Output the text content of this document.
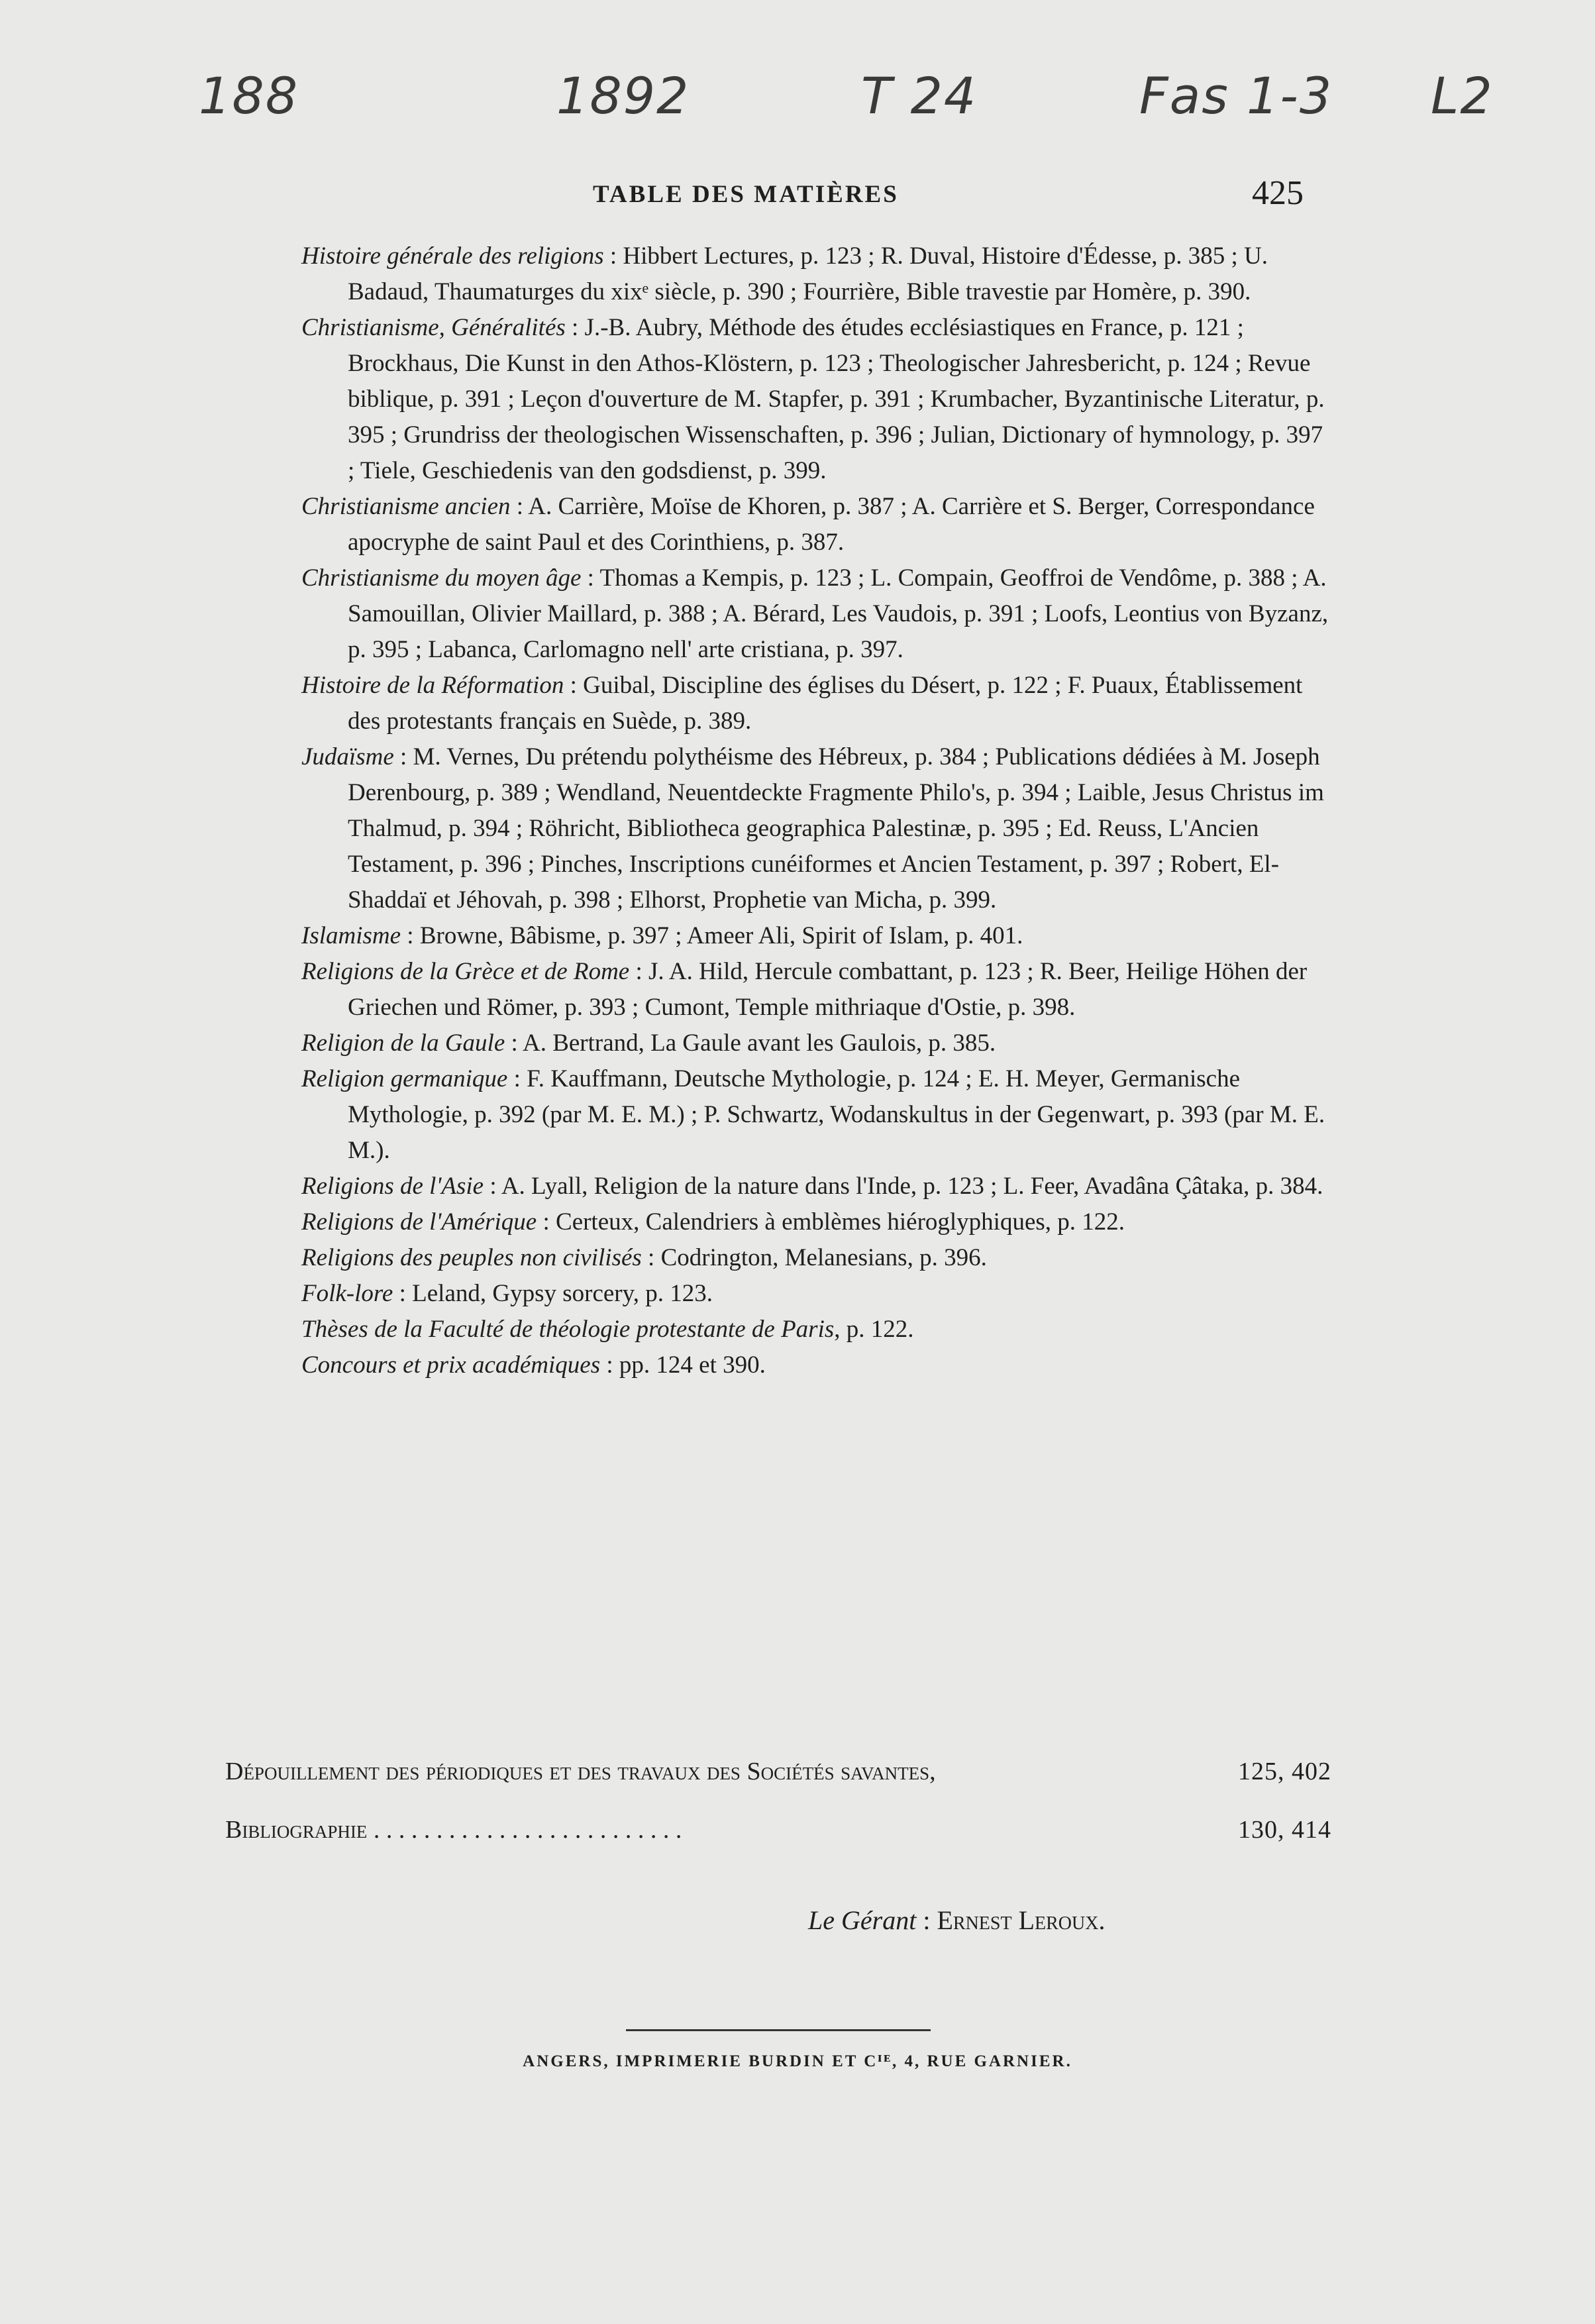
188	1892	T 24	Fas 1-3 L2
TABLE DES MATIÈRES	425

Histoire générale des religions : Hibbert Lectures, p. 123 ; R. Duval, Histoire d'Édesse, p. 385 ; U. Badaud, Thaumaturges du xixᵉ siècle, p. 390 ; Fourrière, Bible travestie par Homère, p. 390.

Christianisme, Généralités : J.-B. Aubry, Méthode des études ecclésiastiques en France, p. 121 ; Brockhaus, Die Kunst in den Athos-Klöstern, p. 123 ; Theologischer Jahresbericht, p. 124 ; Revue biblique, p. 391 ; Leçon d'ouverture de M. Stapfer, p. 391 ; Krumbacher, Byzantinische Literatur, p. 395 ; Grundriss der theologischen Wissenschaften, p. 396 ; Julian, Dictionary of hymnology, p. 397 ; Tiele, Geschiedenis van den godsdienst, p. 399.

Christianisme ancien : A. Carrière, Moïse de Khoren, p. 387 ; A. Carrière et S. Berger, Correspondance apocryphe de saint Paul et des Corinthiens, p. 387.

Christianisme du moyen âge : Thomas a Kempis, p. 123 ; L. Compain, Geoffroi de Vendôme, p. 388 ; A. Samouillan, Olivier Maillard, p. 388 ; A. Bérard, Les Vaudois, p. 391 ; Loofs, Leontius von Byzanz, p. 395 ; Labanca, Carlomagno nell' arte cristiana, p. 397.

Histoire de la Réformation : Guibal, Discipline des églises du Désert, p. 122 ; F. Puaux, Établissement des protestants français en Suède, p. 389.

Judaïsme : M. Vernes, Du prétendu polythéisme des Hébreux, p. 384 ; Publications dédiées à M. Joseph Derenbourg, p. 389 ; Wendland, Neuentdeckte Fragmente Philo's, p. 394 ; Laible, Jesus Christus im Thalmud, p. 394 ; Röhricht, Bibliotheca geographica Palestinæ, p. 395 ; Ed. Reuss, L'Ancien Testament, p. 396 ; Pinches, Inscriptions cunéiformes et Ancien Testament, p. 397 ; Robert, El-Shaddaï et Jéhovah, p. 398 ; Elhorst, Prophetie van Micha, p. 399.

Islamisme : Browne, Bâbisme, p. 397 ; Ameer Ali, Spirit of Islam, p. 401.

Religions de la Grèce et de Rome : J. A. Hild, Hercule combattant, p. 123 ; R. Beer, Heilige Höhen der Griechen und Römer, p. 393 ; Cumont, Temple mithriaque d'Ostie, p. 398.

Religion de la Gaule : A. Bertrand, La Gaule avant les Gaulois, p. 385.

Religion germanique : F. Kauffmann, Deutsche Mythologie, p. 124 ; E. H. Meyer, Germanische Mythologie, p. 392 (par M. E. M.) ; P. Schwartz, Wodanskultus in der Gegenwart, p. 393 (par M. E. M.).

Religions de l'Asie : A. Lyall, Religion de la nature dans l'Inde, p. 123 ; L. Feer, Avadâna Çâtaka, p. 384.

Religions de l'Amérique : Certeux, Calendriers à emblèmes hiéroglyphiques, p. 122.

Religions des peuples non civilisés : Codrington, Melanesians, p. 396.

Folk-lore : Leland, Gypsy sorcery, p. 123.

Thèses de la Faculté de théologie protestante de Paris, p. 122.

Concours et prix académiques : pp. 124 et 390.

Dépouillement des périodiques et des travaux des Sociétés savantes,	125, 402
Bibliographie . . . . . . . . . . . . . . . . . . . . . . . . .	130, 414
Le Gérant : Ernest Leroux.
ANGERS, IMPRIMERIE BURDIN ET Cᴵᴱ, 4, RUE GARNIER.
